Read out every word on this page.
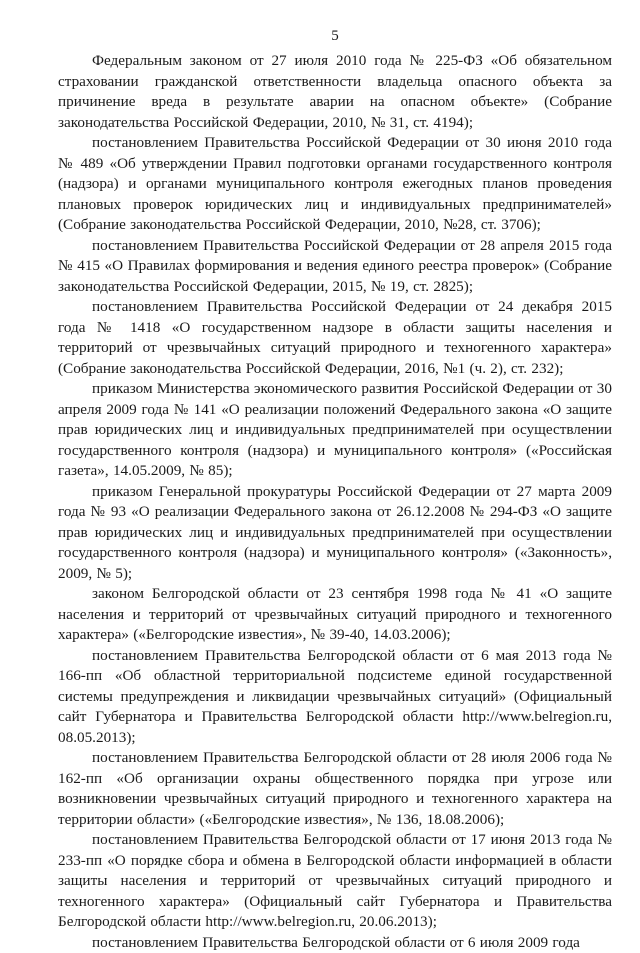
5

Федеральным законом от 27 июля 2010 года № 225-ФЗ «Об обязательном страховании гражданской ответственности владельца опасного объекта за причинение вреда в результате аварии на опасном объекте» (Собрание законодательства Российской Федерации, 2010, № 31, ст. 4194);

постановлением Правительства Российской Федерации от 30 июня 2010 года № 489 «Об утверждении Правил подготовки органами государственного контроля (надзора) и органами муниципального контроля ежегодных планов проведения плановых проверок юридических лиц и индивидуальных предпринимателей» (Собрание законодательства Российской Федерации, 2010, №28, ст. 3706);

постановлением Правительства Российской Федерации от 28 апреля 2015 года № 415 «О Правилах формирования и ведения единого реестра проверок» (Собрание законодательства Российской Федерации, 2015, № 19, ст. 2825);

постановлением Правительства Российской Федерации от 24 декабря 2015 года № 1418 «О государственном надзоре в области защиты населения и территорий от чрезвычайных ситуаций природного и техногенного характера» (Собрание законодательства Российской Федерации, 2016, №1 (ч. 2), ст. 232);

приказом Министерства экономического развития Российской Федерации от 30 апреля 2009 года № 141 «О реализации положений Федерального закона «О защите прав юридических лиц и индивидуальных предпринимателей при осуществлении государственного контроля (надзора) и муниципального контроля» («Российская газета», 14.05.2009, № 85);

приказом Генеральной прокуратуры Российской Федерации от 27 марта 2009 года № 93 «О реализации Федерального закона от 26.12.2008 № 294-ФЗ «О защите прав юридических лиц и индивидуальных предпринимателей при осуществлении государственного контроля (надзора) и муниципального контроля» («Законность», 2009, № 5);

законом Белгородской области от 23 сентября 1998 года № 41 «О защите населения и территорий от чрезвычайных ситуаций природного и техногенного характера» («Белгородские известия», № 39-40, 14.03.2006);

постановлением Правительства Белгородской области от 6 мая 2013 года № 166-пп «Об областной территориальной подсистеме единой государственной системы предупреждения и ликвидации чрезвычайных ситуаций» (Официальный сайт Губернатора и Правительства Белгородской области http://www.belregion.ru, 08.05.2013);

постановлением Правительства Белгородской области от 28 июля 2006 года № 162-пп «Об организации охраны общественного порядка при угрозе или возникновении чрезвычайных ситуаций природного и техногенного характера на территории области» («Белгородские известия», № 136, 18.08.2006);

постановлением Правительства Белгородской области от 17 июня 2013 года № 233-пп «О порядке сбора и обмена в Белгородской области информацией в области защиты населения и территорий от чрезвычайных ситуаций природного и техногенного характера» (Официальный сайт Губернатора и Правительства Белгородской области http://www.belregion.ru, 20.06.2013);

постановлением Правительства Белгородской области от 6 июля 2009 года
